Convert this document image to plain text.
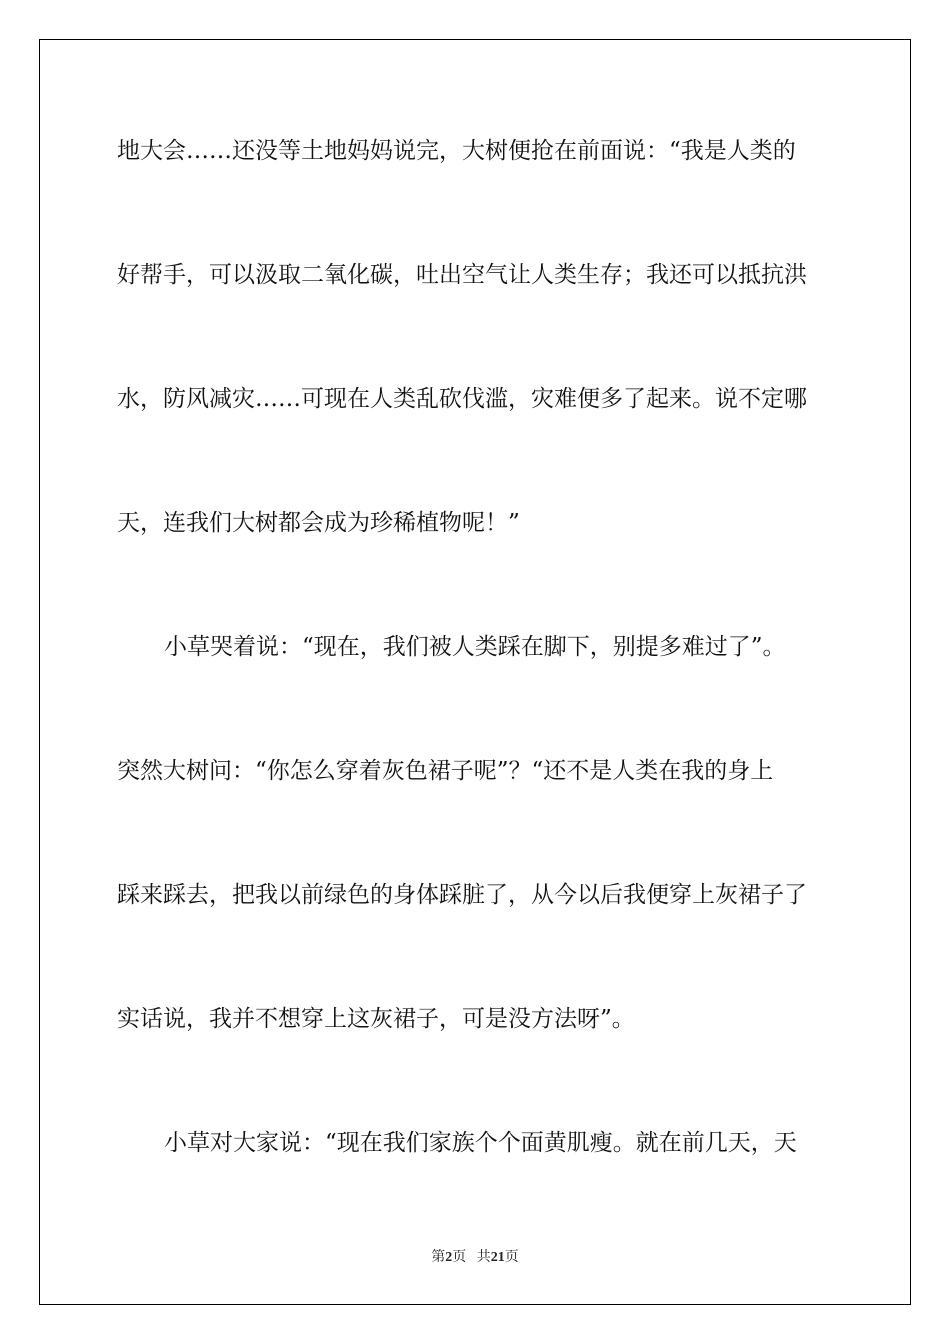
地大会……还没等土地妈妈说完，大树便抢在前面说：“我是人类的
好帮手，可以汲取二氧化碳，吐出空气让人类生存；我还可以抵抗洪
水，防风减灾……可现在人类乱砍伐滥，灾难便多了起来。说不定哪
天，连我们大树都会成为珍稀植物呢！”
小草哭着说：“现在，我们被人类踩在脚下，别提多难过了”。
突然大树问：“你怎么穿着灰色裙子呢”？“还不是人类在我的身上
踩来踩去，把我以前绿色的身体踩脏了，从今以后我便穿上灰裙子了
实话说，我并不想穿上这灰裙子，可是没方法呀”。
小草对大家说：“现在我们家族个个面黄肌瘦。就在前几天，天
第2页 共21页
